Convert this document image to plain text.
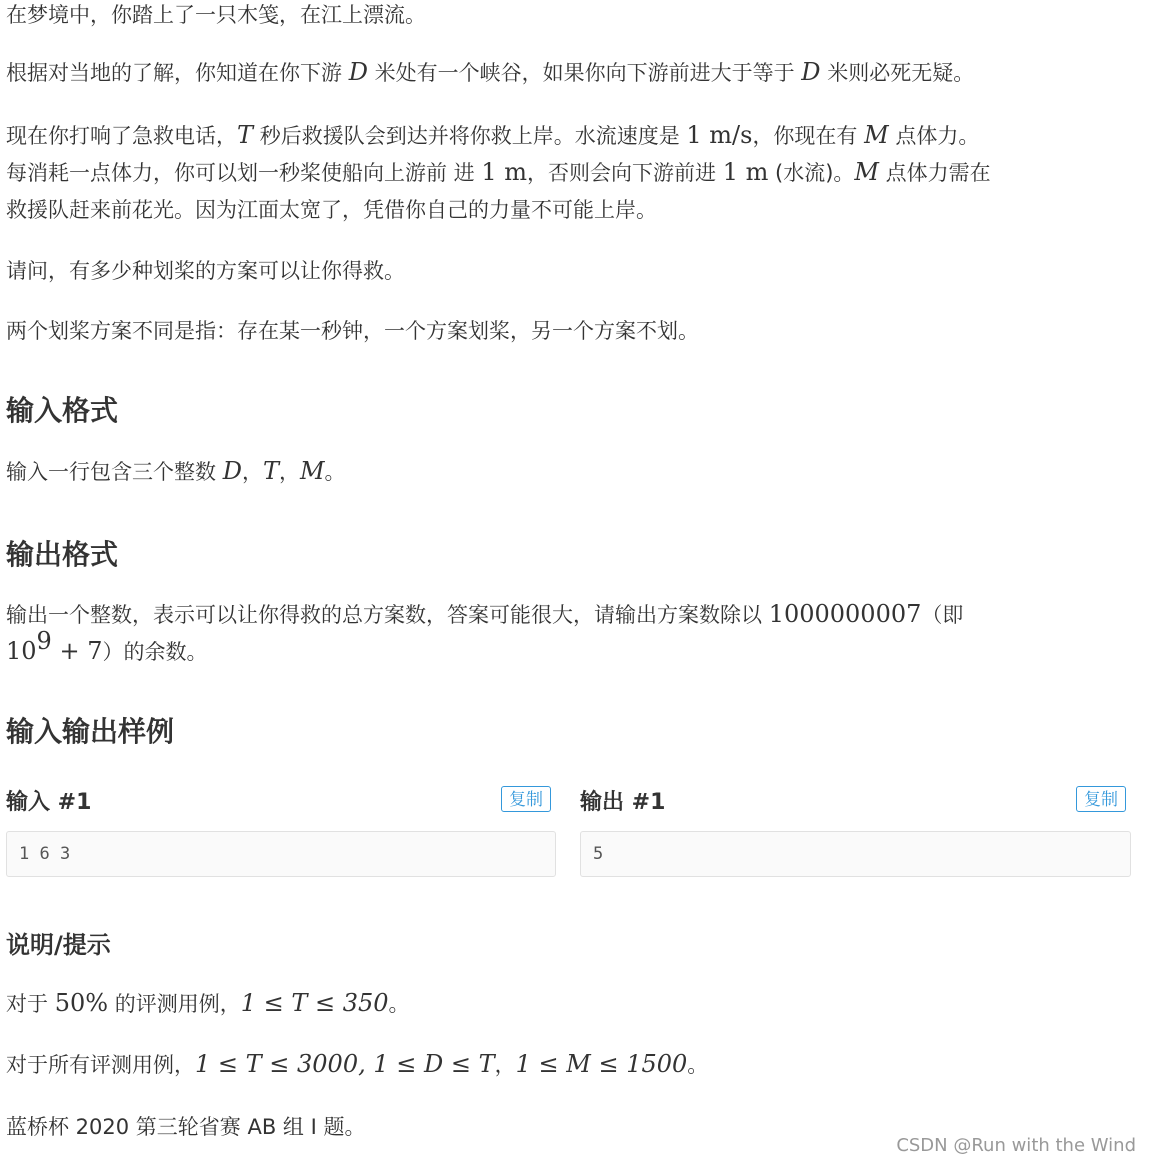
在梦境中，你踏上了一只木笺，在江上漂流。
根据对当地的了解，你知道在你下游 D 米处有一个峡谷，如果你向下游前进大于等于 D 米则必死无疑。
现在你打响了急救电话，T 秒后救援队会到达并将你救上岸。水流速度是 1 m/s，你现在有 M 点体力。
每消耗一点体力，你可以划一秒桨使船向上游前 进 1 m，否则会向下游前进 1 m (水流)。M 点体力需在
救援队赶来前花光。因为江面太宽了，凭借你自己的力量不可能上岸。
请问，有多少种划桨的方案可以让你得救。
两个划桨方案不同是指：存在某一秒钟，一个方案划桨，另一个方案不划。
输入格式
输入一行包含三个整数 D，T，M。
输出格式
输出一个整数，表示可以让你得救的总方案数，答案可能很大，请输出方案数除以 1000000007（即
$10^9 + 7$）的余数。
输入输出样例
输入 #1	复制
1 6 3
输出 #1	复制
5
说明/提示
对于 50% 的评测用例，1 ≤ T ≤ 350。
对于所有评测用例，1 ≤ T ≤ 3000, 1 ≤ D ≤ T，1 ≤ M ≤ 1500。
蓝桥杯 2020 第三轮省赛 AB 组 I 题。
CSDN @Run with the Wind
